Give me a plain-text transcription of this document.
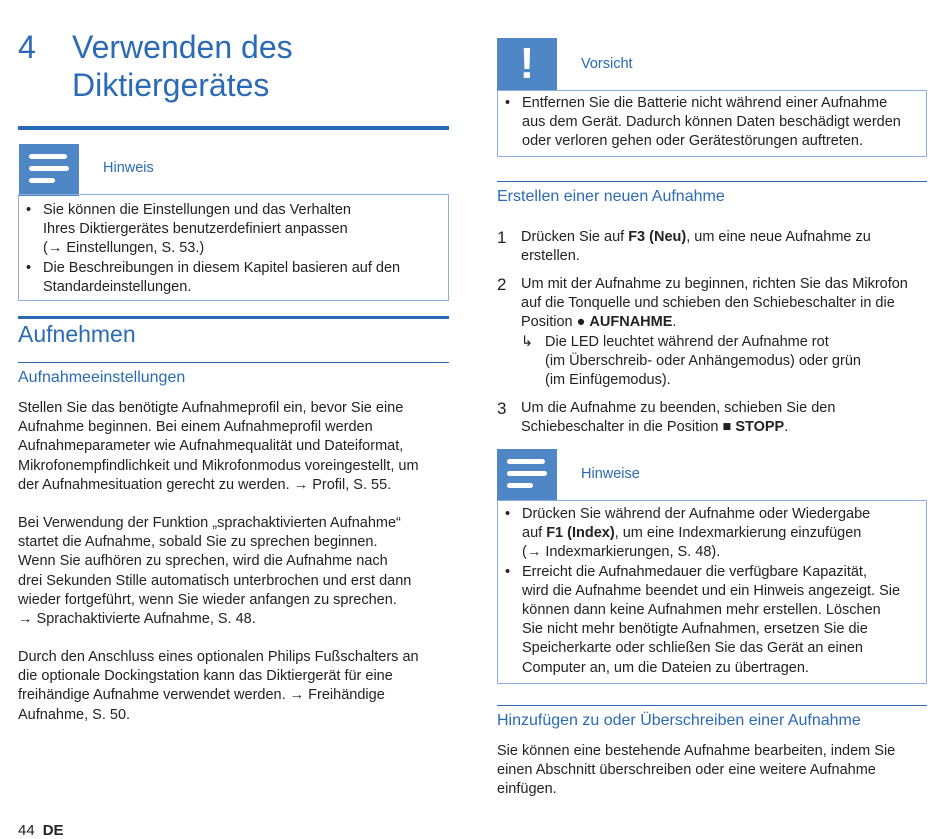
4	Verwenden des
Diktiergerätes
Hinweis
• Sie können die Einstellungen und das Verhalten
Ihres Diktiergerätes benutzerdefiniert anpassen
(→ Einstellungen, S. 53.)
• Die Beschreibungen in diesem Kapitel basieren auf den
Standardeinstellungen.
Aufnehmen
Aufnahmeeinstellungen
Stellen Sie das benötigte Aufnahmeprofil ein, bevor Sie eine
Aufnahme beginnen. Bei einem Aufnahmeprofil werden
Aufnahmeparameter wie Aufnahmequalität und Dateiformat,
Mikrofonempfindlichkeit und Mikrofonmodus voreingestellt, um
der Aufnahmesituation gerecht zu werden. → Profil, S. 55.
Bei Verwendung der Funktion „sprachaktivierten Aufnahme“
startet die Aufnahme, sobald Sie zu sprechen beginnen.
Wenn Sie aufhören zu sprechen, wird die Aufnahme nach
drei Sekunden Stille automatisch unterbrochen und erst dann
wieder fortgeführt, wenn Sie wieder anfangen zu sprechen.
→ Sprachaktivierte Aufnahme, S. 48.
Durch den Anschluss eines optionalen Philips Fußschalters an
die optionale Dockingstation kann das Diktiergerät für eine
freihändige Aufnahme verwendet werden. → Freihändige
Aufnahme, S. 50.
!	Vorsicht
• Entfernen Sie die Batterie nicht während einer Aufnahme
aus dem Gerät. Dadurch können Daten beschädigt werden
oder verloren gehen oder Gerätestörungen auftreten.
Erstellen einer neuen Aufnahme
1	Drücken Sie auf F3 (Neu), um eine neue Aufnahme zu
erstellen.
2	Um mit der Aufnahme zu beginnen, richten Sie das Mikrofon
auf die Tonquelle und schieben den Schiebeschalter in die
Position ● AUFNAHME.
↳ Die LED leuchtet während der Aufnahme rot
(im Überschreib- oder Anhängemodus) oder grün
(im Einfügemodus).
3	Um die Aufnahme zu beenden, schieben Sie den
Schiebeschalter in die Position ■ STOPP.
Hinweise
• Drücken Sie während der Aufnahme oder Wiedergabe
auf F1 (Index), um eine Indexmarkierung einzufügen
(→ Indexmarkierungen, S. 48).
• Erreicht die Aufnahmedauer die verfügbare Kapazität,
wird die Aufnahme beendet und ein Hinweis angezeigt. Sie
können dann keine Aufnahmen mehr erstellen. Löschen
Sie nicht mehr benötigte Aufnahmen, ersetzen Sie die
Speicherkarte oder schließen Sie das Gerät an einen
Computer an, um die Dateien zu übertragen.
Hinzufügen zu oder Überschreiben einer Aufnahme
Sie können eine bestehende Aufnahme bearbeiten, indem Sie
einen Abschnitt überschreiben oder eine weitere Aufnahme
einfügen.
44 DE
